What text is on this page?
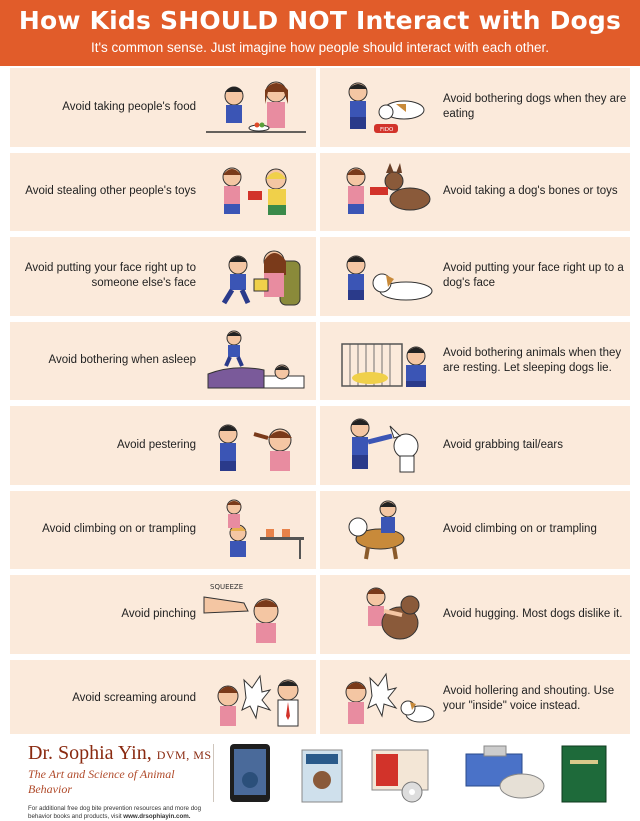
How Kids SHOULD NOT Interact with Dogs
It's common sense. Just imagine how people should interact with each other.
Avoid taking people's food
FIDO
Avoid bothering dogs when they are eating
Avoid stealing other people's toys	Avoid taking a dog's bones or toys
Avoid putting your face right up to someone else's face
Avoid putting your face right up to a dog's face
Avoid bothering when asleep
Avoid bothering animals when they are resting. Let sleeping dogs lie.
Avoid pestering	Avoid grabbing tail/ears
Avoid climbing on or trampling	Avoid climbing on or trampling
Avoid pinching
SQUEEZE
Avoid hugging. Most dogs dislike it.
Avoid screaming around
Avoid hollering and shouting. Use your "inside" voice instead.
Dr. Sophia Yin, DVM, MS
The Art and Science of Animal Behavior
For additional free dog bite prevention resources and more dog behavior books and products, visit www.drsophiayin.com.
